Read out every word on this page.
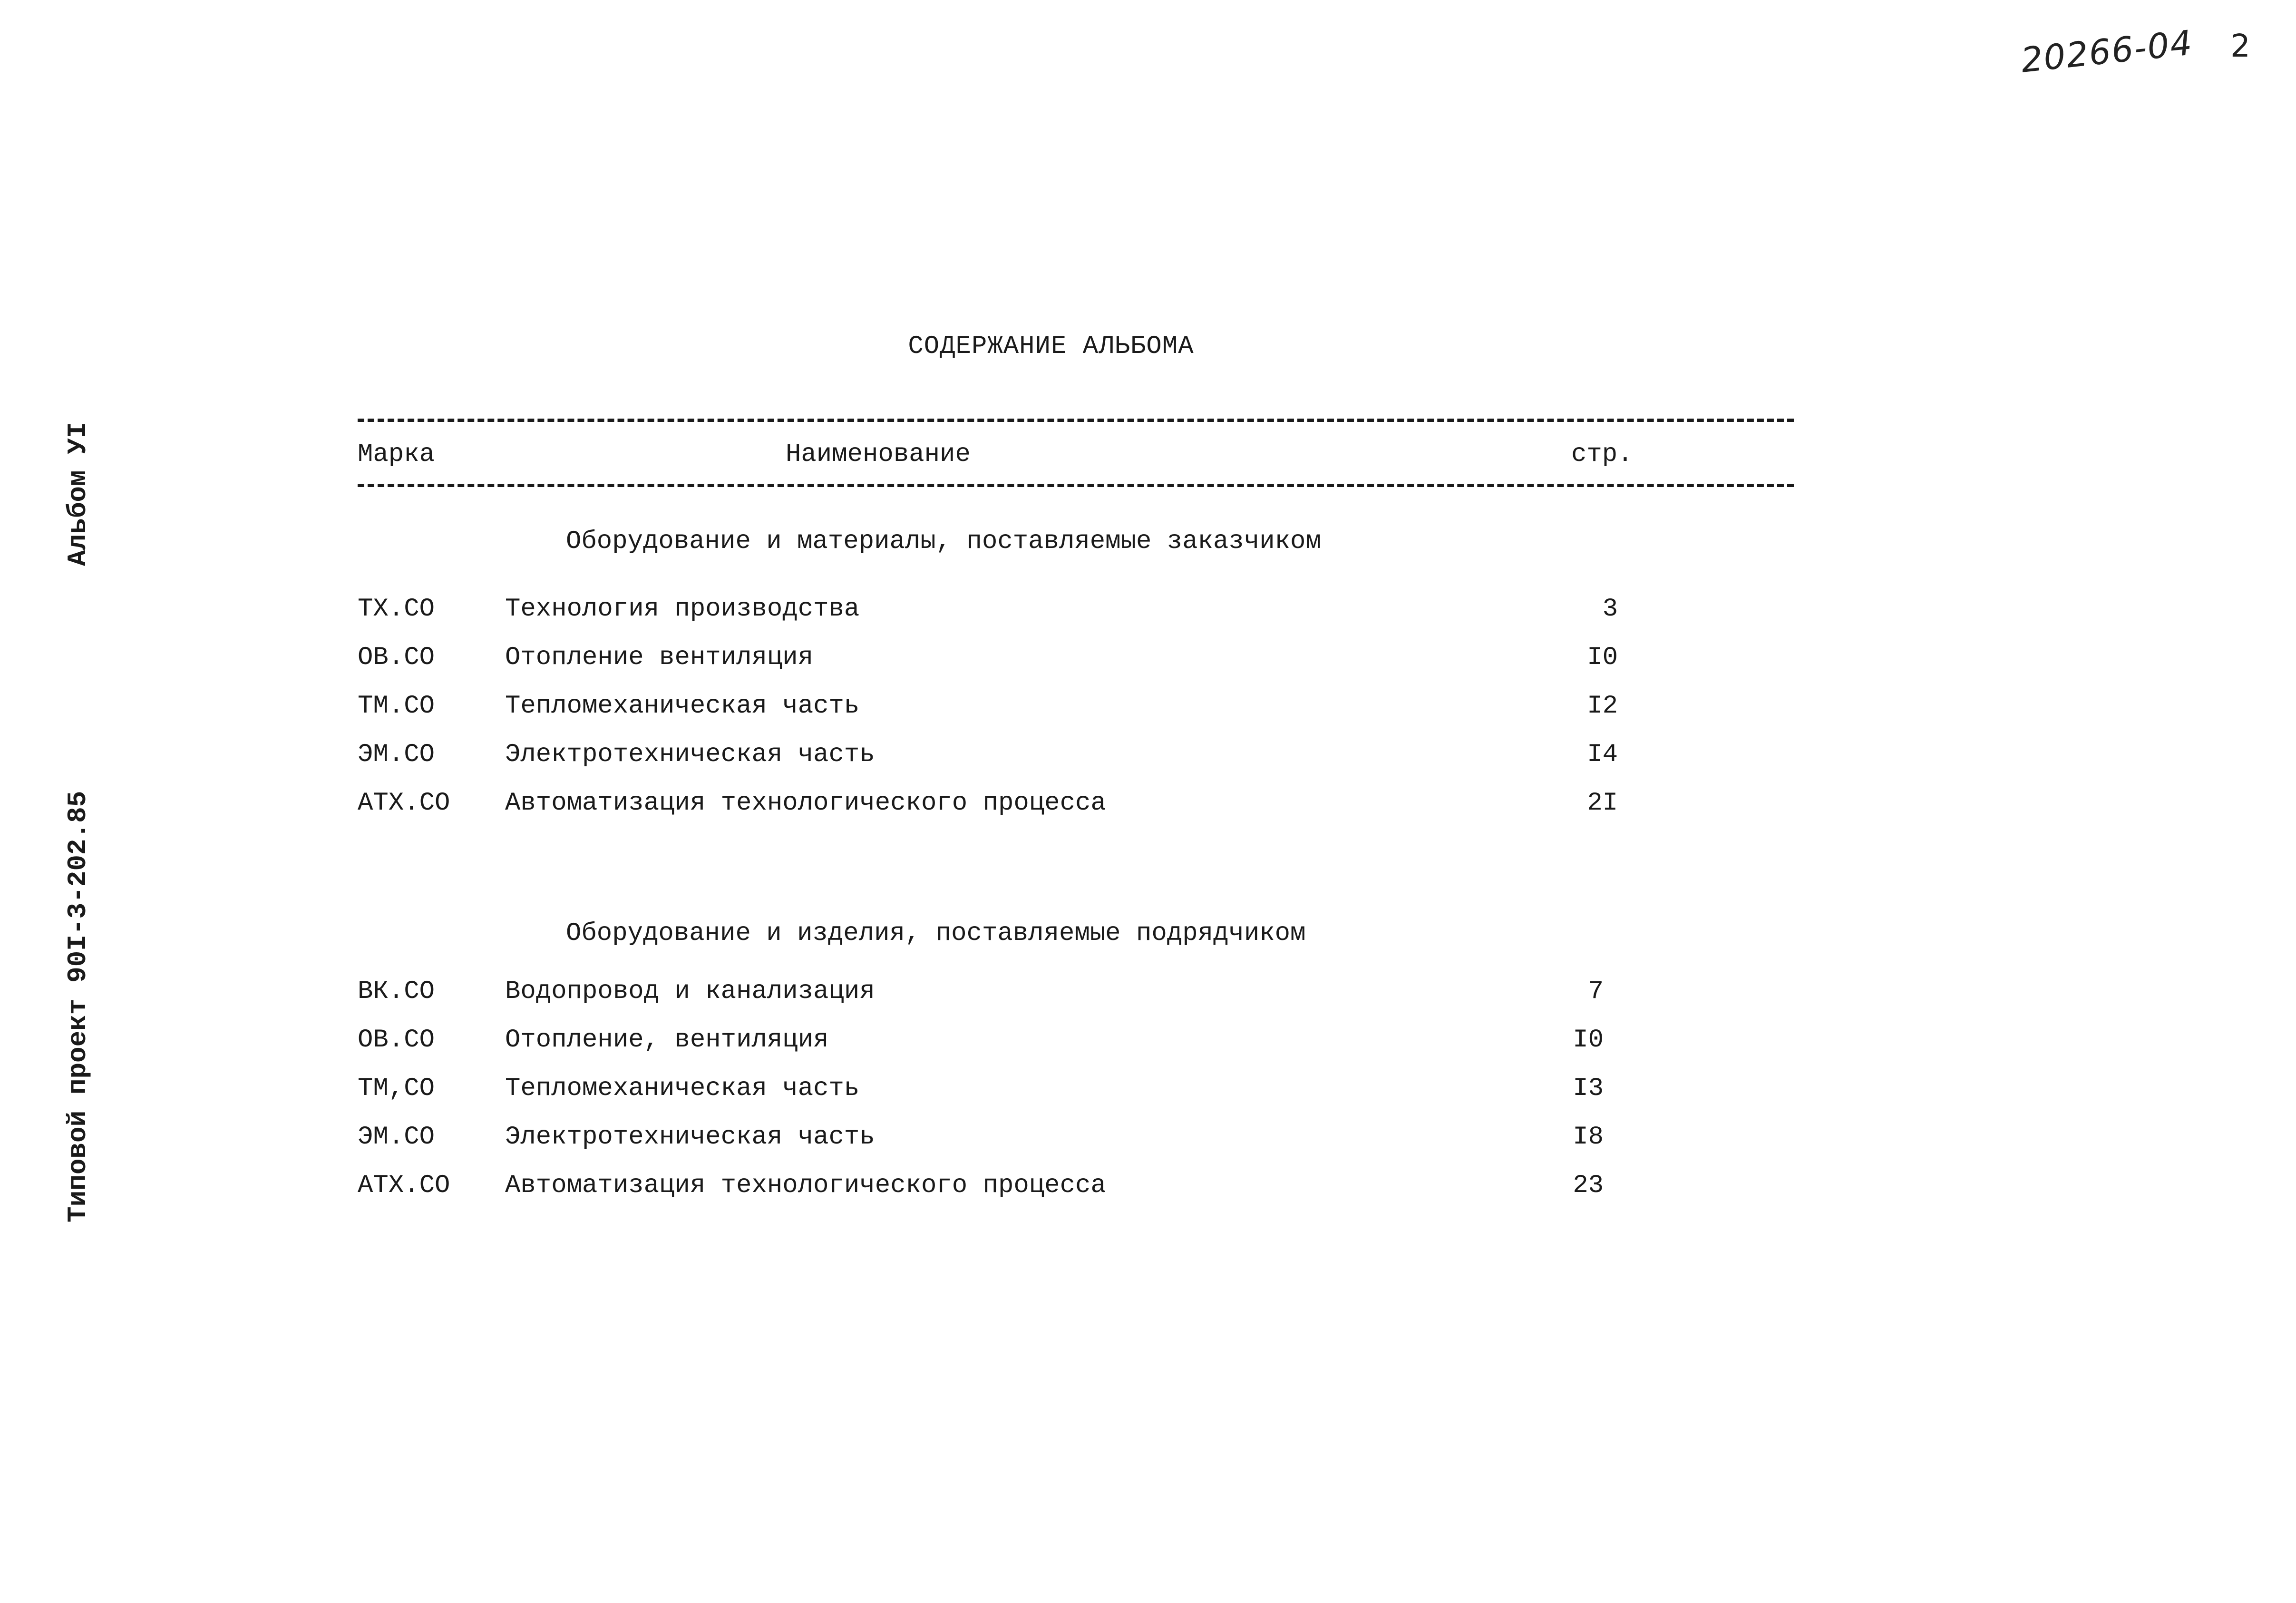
20266-04 2
Альбом УI
Типовой проект 90I-3-202.85
СОДЕРЖАНИЕ АЛЬБОМА
Марка	Наименование	стр.
Оборудование и материалы, поставляемые заказчиком
ТХ.СО	Технология производства	3
ОВ.СО	Отопление вентиляция	I0
ТМ.СО	Тепломеханическая часть	I2
ЭМ.СО	Электротехническая часть	I4
АТХ.СО Автоматизация технологического процесса	2I
Оборудование и изделия, поставляемые подрядчиком
ВК.СО	Водопровод и канализация	7
ОВ.СО	Отопление, вентиляция	I0
ТМ,СО	Тепломеханическая часть	I3
ЭМ.СО	Электротехническая часть	I8
АТХ.СО Автоматизация технологического процесса	23
